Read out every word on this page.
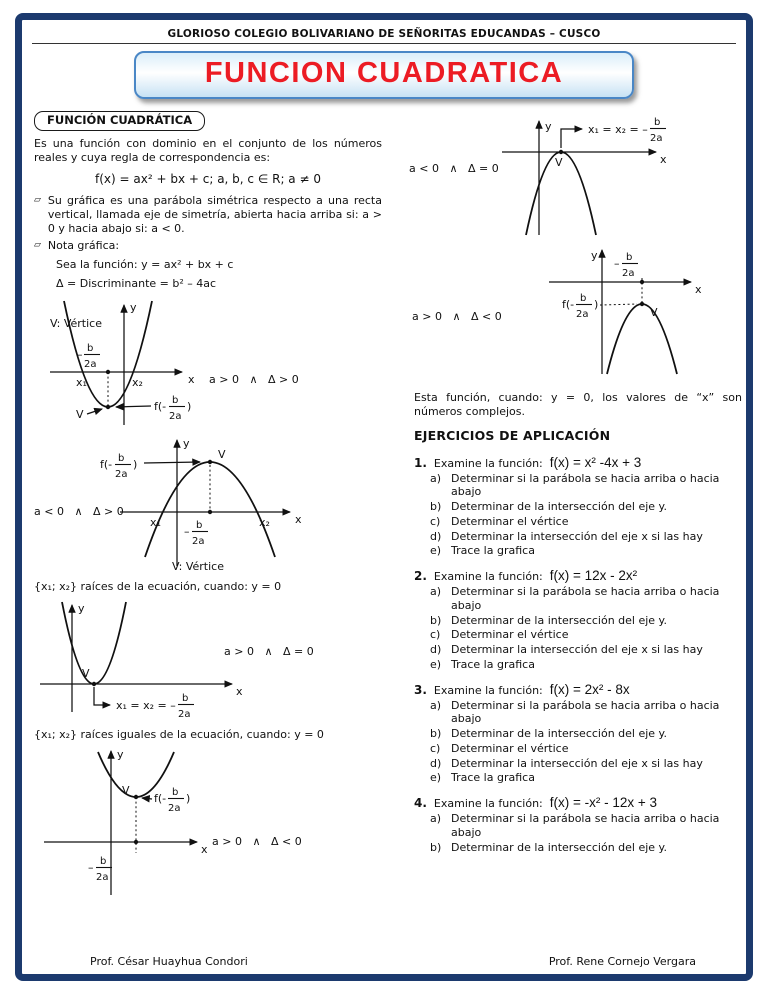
GLORIOSO COLEGIO BOLIVARIANO DE SEÑORITAS EDUCANDAS – CUSCO
FUNCION CUADRATICA
FUNCIÓN CUADRÁTICA

Es una función con dominio en el conjunto de los números reales y cuya regla de correspondencia es:

f(x) = ax² + bx + c; a, b, c ∈ R; a ≠ 0
▱ Su gráfica es una parábola simétrica respecto a una recta vertical, llamada eje de simetría, abierta hacia arriba si: a > 0 y hacia abajo si: a < 0.
▱ Nota gráfica:
Sea la función: y = ax² + bx + c
Δ = Discriminante = b² – 4ac
V: Vértice
y
x
– b
2a
x₁	x₂
V
f(- b
2a
)
a > 0   ∧   Δ > 0
y
x
V
f(- b
2a
)
x₁	x₂
– b
2a
a < 0   ∧   Δ > 0
V: Vértice

{x₁; x₂} raíces de la ecuación, cuando: y = 0

y
x
V
x₁ = x₂ = –
b
2a
a > 0   ∧   Δ = 0

{x₁; x₂} raíces iguales de la ecuación, cuando: y = 0

y
x
V
f(- b
2a
)
– b
2a
a > 0   ∧   Δ < 0
y
x
V
x₁ = x₂ = –
b
2a
a < 0   ∧   Δ = 0
y
x
– b
2a
V
f(- b
2a
)
a > 0   ∧   Δ < 0

Esta función, cuando: y = 0, los valores de “x” son números complejos.

EJERCICIOS DE APLICACIÓN
1. Examine la función: f(x) = x² -4x + 3
a) Determinar si la parábola se hacia arriba o hacia abajo
b) Determinar de la intersección del eje y.
c) Determinar el vértice
d) Determinar la intersección del eje x si las hay
e) Trace la grafica
2. Examine la función: f(x) = 12x - 2x²
a) Determinar si la parábola se hacia arriba o hacia abajo
b) Determinar de la intersección del eje y.
c) Determinar el vértice
d) Determinar la intersección del eje x si las hay
e) Trace la grafica
3. Examine la función: f(x) = 2x² - 8x
a) Determinar si la parábola se hacia arriba o hacia abajo
b) Determinar de la intersección del eje y.
c) Determinar el vértice
d) Determinar la intersección del eje x si las hay
e) Trace la grafica
4. Examine la función: f(x) = -x² - 12x + 3
a) Determinar si la parábola se hacia arriba o hacia abajo
b) Determinar de la intersección del eje y.
Prof. César Huayhua Condori	Prof. Rene Cornejo Vergara
